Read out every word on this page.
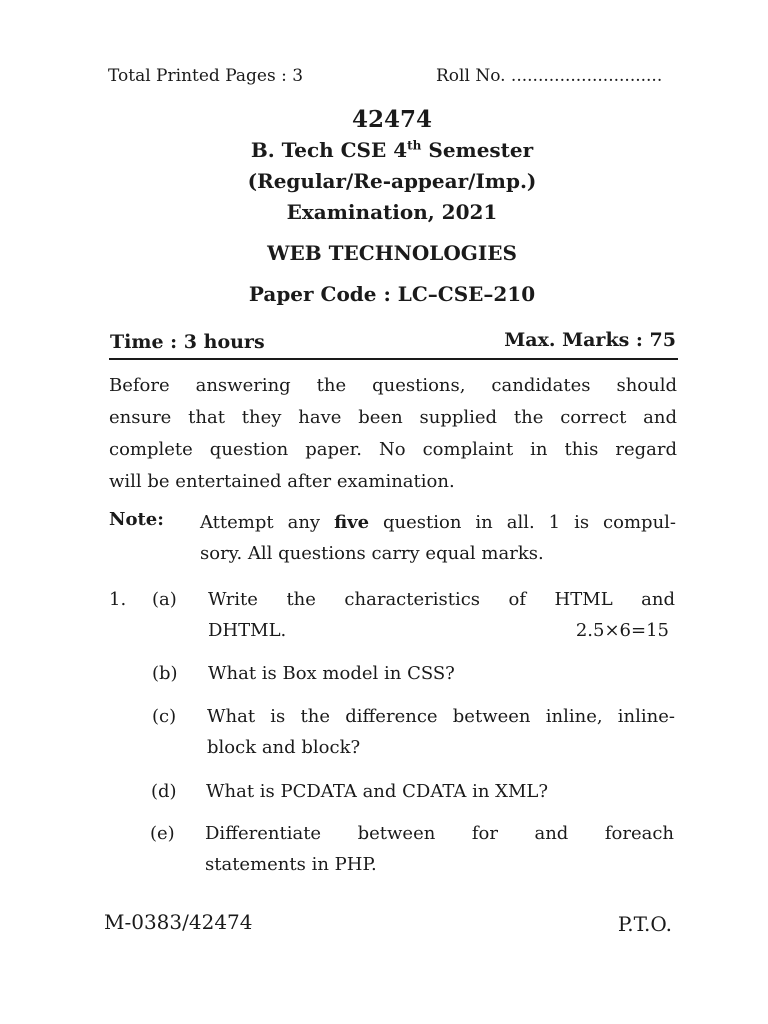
Total Printed Pages : 3	Roll No. ............................
42474
B. Tech CSE 4th Semester
(Regular/Re-appear/Imp.)
Examination, 2021
WEB TECHNOLOGIES
Paper Code : LC–CSE–210
Time : 3 hours	Max. Marks : 75
Before answering the questions, candidates should
ensure that they have been supplied the correct and
complete question paper. No complaint in this regard
will be entertained after examination.
Note: Attempt any five question in all. 1 is compul-
sory. All questions carry equal marks.
1. (a) Write the characteristics of HTML and
DHTML.	2.5×6=15
(b) What is Box model in CSS?
(c) What is the difference between inline, inline-
block and block?
(d) What is PCDATA and CDATA in XML?
(e) Differentiate between for and foreach
statements in PHP.
M-0383/42474	P.T.O.
